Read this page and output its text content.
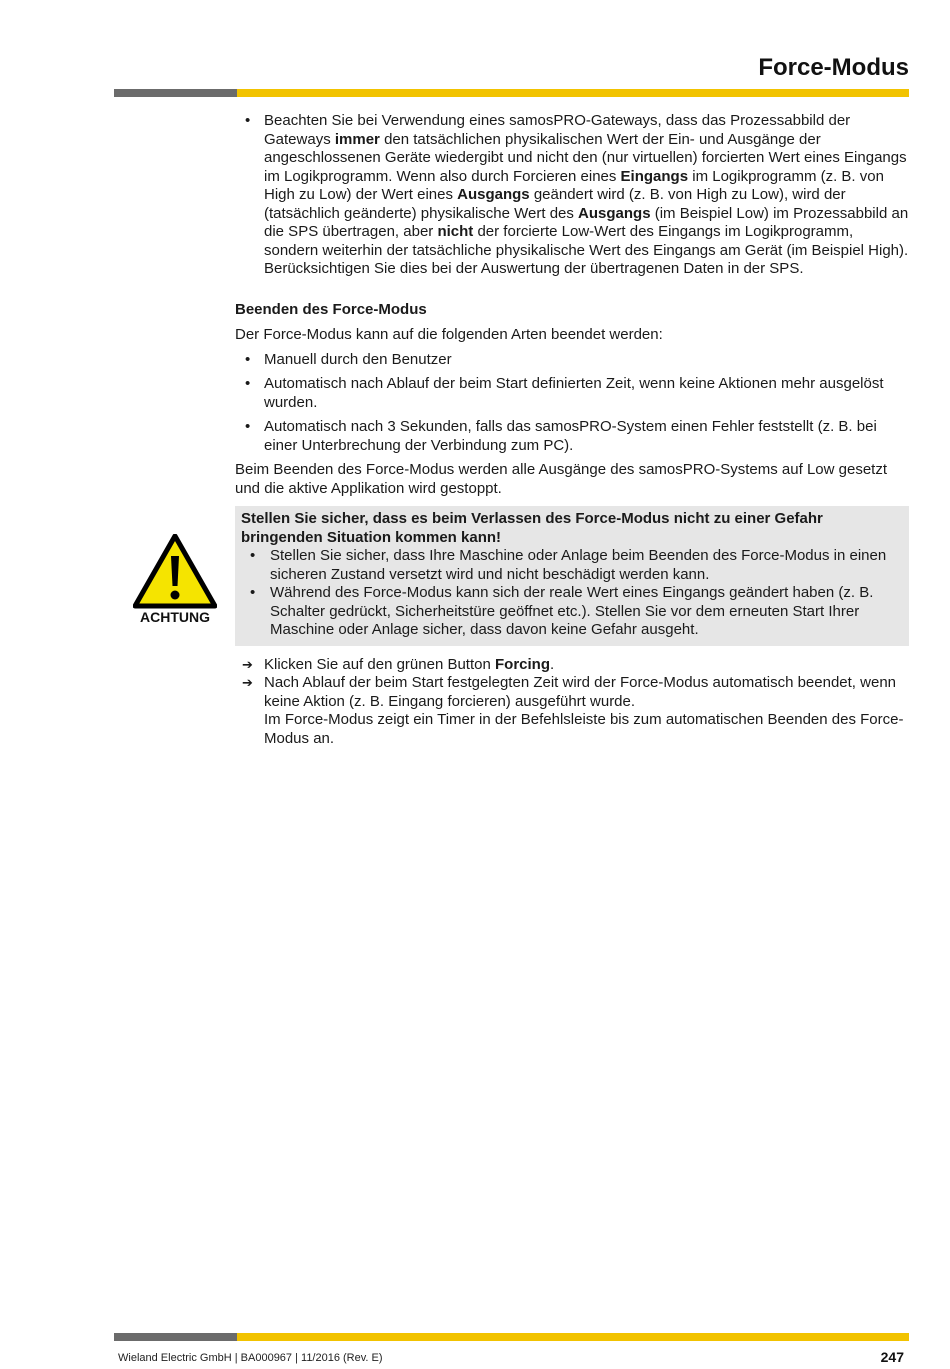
Force-Modus
• Beachten Sie bei Verwendung eines samosPRO-Gateways, dass das Prozessabbild der Gateways immer den tatsächlichen physikalischen Wert der Ein- und Ausgänge der angeschlossenen Geräte wiedergibt und nicht den (nur virtuellen) forcierten Wert eines Eingangs im Logikprogramm. Wenn also durch Forcieren eines Eingangs im Logikprogramm (z. B. von High zu Low) der Wert eines Ausgangs geändert wird (z. B. von High zu Low), wird der (tatsächlich geänderte) physikalische Wert des Ausgangs (im Beispiel Low) im Prozessabbild an die SPS übertragen, aber nicht der forcierte Low-Wert des Eingangs im Logikprogramm, sondern weiterhin der tatsächliche physikalische Wert des Eingangs am Gerät (im Beispiel High). Berücksichtigen Sie dies bei der Auswertung der übertragenen Daten in der SPS.
Beenden des Force-Modus

Der Force-Modus kann auf die folgenden Arten beendet werden:

• Manuell durch den Benutzer
• Automatisch nach Ablauf der beim Start definierten Zeit, wenn keine Aktionen mehr ausgelöst wurden.
• Automatisch nach 3 Sekunden, falls das samosPRO-System einen Fehler feststellt (z. B. bei einer Unterbrechung der Verbindung zum PC).

Beim Beenden des Force-Modus werden alle Ausgänge des samosPRO-Systems auf Low gesetzt und die aktive Applikation wird gestoppt.

Stellen Sie sicher, dass es beim Verlassen des Force-Modus nicht zu einer Gefahr bringenden Situation kommen kann!
• Stellen Sie sicher, dass Ihre Maschine oder Anlage beim Beenden des Force-Modus in einen sicheren Zustand versetzt wird und nicht beschädigt werden kann.
• Während des Force-Modus kann sich der reale Wert eines Eingangs geändert haben (z. B. Schalter gedrückt, Sicherheitstüre geöffnet etc.). Stellen Sie vor dem erneuten Start Ihrer Maschine oder Anlage sicher, dass davon keine Gefahr ausgeht.
➔ Klicken Sie auf den grünen Button Forcing.
➔ Nach Ablauf der beim Start festgelegten Zeit wird der Force-Modus automatisch beendet, wenn keine Aktion (z. B. Eingang forcieren) ausgeführt wurde.
Im Force-Modus zeigt ein Timer in der Befehlsleiste bis zum automatischen Beenden des Force-Modus an.
ACHTUNG
Wieland Electric GmbH | BA000967 | 11/2016 (Rev. E)	247
